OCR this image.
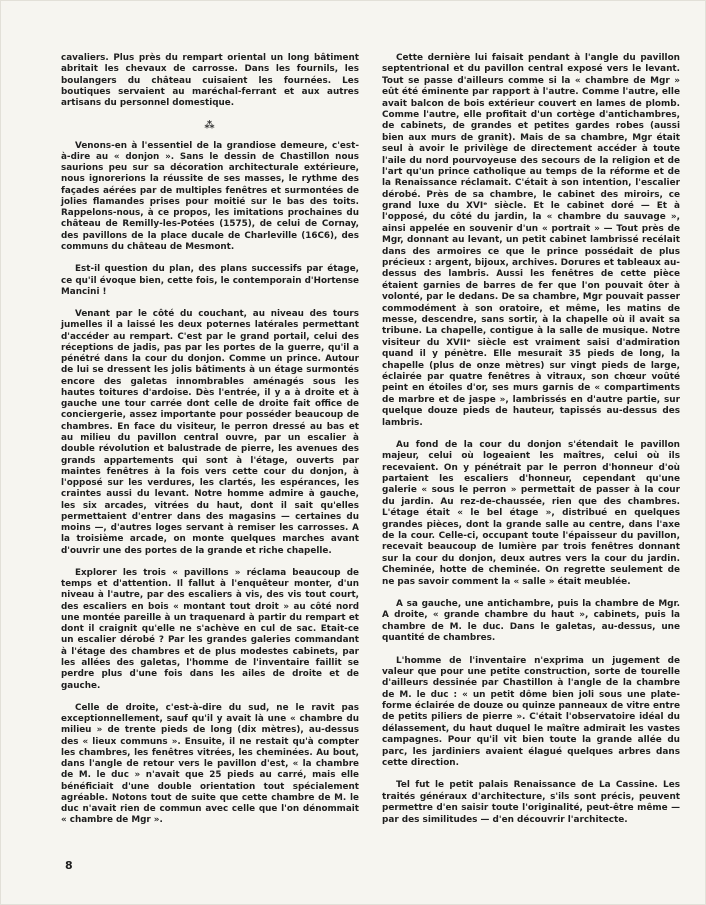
cavaliers. Plus près du rempart oriental un long bâtiment abritait les chevaux de carrosse. Dans les fournils, les boulangers du château cuisaient les fournées. Les boutiques servaient au maréchal-ferrant et aux autres artisans du personnel domestique.

⁂

Venons-en à l'essentiel de la grandiose demeure, c'est-à-dire au « donjon ». Sans le dessin de Chastillon nous saurions peu sur sa décoration architecturale extérieure, nous ignorerions la réussite de ses masses, le rythme des façades aérées par de multiples fenêtres et surmontées de jolies flamandes prises pour moitié sur le bas des toits. Rappelons-nous, à ce propos, les imitations prochaines du château de Remilly-les-Potées (1575), de celui de Cornay, des pavillons de la place ducale de Charleville (16C6), des communs du château de Mesmont.

Est-il question du plan, des plans successifs par étage, ce qu'il évoque bien, cette fois, le contemporain d'Hortense Mancini !

Venant par le côté du couchant, au niveau des tours jumelles il a laissé les deux poternes latérales permettant d'accéder au rempart. C'est par le grand portail, celui des réceptions de jadis, pas par les portes de la guerre, qu'il a pénétré dans la cour du donjon. Comme un prince. Autour de lui se dressent les jolis bâtiments à un étage surmontés encore des galetas innombrables aménagés sous les hautes toitures d'ardoise. Dès l'entrée, il y a à droite et à gauche une tour carrée dont celle de droite fait office de conciergerie, assez importante pour posséder beaucoup de chambres. En face du visiteur, le perron dressé au bas et au milieu du pavillon central ouvre, par un escalier à double révolution et balustrade de pierre, les avenues des grands appartements qui sont à l'étage, ouverts par maintes fenêtres à la fois vers cette cour du donjon, à l'opposé sur les verdures, les clartés, les espérances, les craintes aussi du levant. Notre homme admire à gauche, les six arcades, vitrées du haut, dont il sait qu'elles permettaient d'entrer dans des magasins — certaines du moins —, d'autres loges servant à remiser les carrosses. A la troisième arcade, on monte quelques marches avant d'ouvrir une des portes de la grande et riche chapelle.

Explorer les trois « pavillons » réclama beaucoup de temps et d'attention. Il fallut à l'enquêteur monter, d'un niveau à l'autre, par des escaliers à vis, des vis tout court, des escaliers en bois « montant tout droit » au côté nord une montée pareille à un traquenard à partir du rempart et dont il craignit qu'elle ne s'achève en cul de sac. Etait-ce un escalier dérobé ? Par les grandes galeries commandant à l'étage des chambres et de plus modestes cabinets, par les allées des galetas, l'homme de l'inventaire faillit se perdre plus d'une fois dans les ailes de droite et de gauche.

Celle de droite, c'est-à-dire du sud, ne le ravit pas exceptionnellement, sauf qu'il y avait là une « chambre du milieu » de trente pieds de long (dix mètres), au-dessus des « lieux communs ». Ensuite, il ne restait qu'à compter les chambres, les fenêtres vitrées, les cheminées. Au bout, dans l'angle de retour vers le pavillon d'est, « la chambre de M. le duc » n'avait que 25 pieds au carré, mais elle bénéficiait d'une double orientation tout spécialement agréable. Notons tout de suite que cette chambre de M. le duc n'avait rien de commun avec celle que l'on dénommait « chambre de Mgr ».

Cette dernière lui faisait pendant à l'angle du pavillon septentrional et du pavillon central exposé vers le levant. Tout se passe d'ailleurs comme si la « chambre de Mgr » eût été éminente par rapport à l'autre. Comme l'autre, elle avait balcon de bois extérieur couvert en lames de plomb. Comme l'autre, elle profitait d'un cortège d'antichambres, de cabinets, de grandes et petites gardes robes (aussi bien aux murs de granit). Mais de sa chambre, Mgr était seul à avoir le privilège de directement accéder à toute l'aile du nord pourvoyeuse des secours de la religion et de l'art qu'un prince catholique au temps de la réforme et de la Renaissance réclamait. C'était à son intention, l'escalier dérobé. Près de sa chambre, le cabinet des miroirs, ce grand luxe du XVIᵉ siècle. Et le cabinet doré — Et à l'opposé, du côté du jardin, la « chambre du sauvage », ainsi appelée en souvenir d'un « portrait » — Tout près de Mgr, donnant au levant, un petit cabinet lambrissé recélait dans des armoires ce que le prince possédait de plus précieux : argent, bijoux, archives. Dorures et tableaux au-dessus des lambris. Aussi les fenêtres de cette pièce étaient garnies de barres de fer que l'on pouvait ôter à volonté, par le dedans. De sa chambre, Mgr pouvait passer commodément à son oratoire, et même, les matins de messe, descendre, sans sortir, à la chapelle où il avait sa tribune. La chapelle, contigue à la salle de musique. Notre visiteur du XVIIᵉ siècle est vraiment saisi d'admiration quand il y pénètre. Elle mesurait 35 pieds de long, la chapelle (plus de onze mètres) sur vingt pieds de large, éclairée par quatre fenêtres à vitraux, son chœur voûté peint en étoiles d'or, ses murs garnis de « compartiments de marbre et de jaspe », lambrissés en d'autre partie, sur quelque douze pieds de hauteur, tapissés au-dessus des lambris.

Au fond de la cour du donjon s'étendait le pavillon majeur, celui où logeaient les maîtres, celui où ils recevaient. On y pénétrait par le perron d'honneur d'où partaient les escaliers d'honneur, cependant qu'une galerie « sous le perron » permettait de passer à la cour du jardin. Au rez-de-chaussée, rien que des chambres. L'étage était « le bel étage », distribué en quelques grandes pièces, dont la grande salle au centre, dans l'axe de la cour. Celle-ci, occupant toute l'épaisseur du pavillon, recevait beaucoup de lumière par trois fenêtres donnant sur la cour du donjon, deux autres vers la cour du jardin. Cheminée, hotte de cheminée. On regrette seulement de ne pas savoir comment la « salle » était meublée.

A sa gauche, une antichambre, puis la chambre de Mgr. A droite, « grande chambre du haut », cabinets, puis la chambre de M. le duc. Dans le galetas, au-dessus, une quantité de chambres.

L'homme de l'inventaire n'exprima un jugement de valeur que pour une petite construction, sorte de tourelle d'ailleurs dessinée par Chastillon à l'angle de la chambre de M. le duc : « un petit dôme bien joli sous une plate-forme éclairée de douze ou quinze panneaux de vitre entre de petits piliers de pierre ». C'était l'observatoire idéal du délassement, du haut duquel le maître admirait les vastes campagnes. Pour qu'il vit bien toute la grande allée du parc, les jardiniers avaient élagué quelques arbres dans cette direction.

Tel fut le petit palais Renaissance de La Cassine. Les traités généraux d'architecture, s'ils sont précis, peuvent permettre d'en saisir toute l'originalité, peut-être même — par des similitudes — d'en découvrir l'architecte.

8
